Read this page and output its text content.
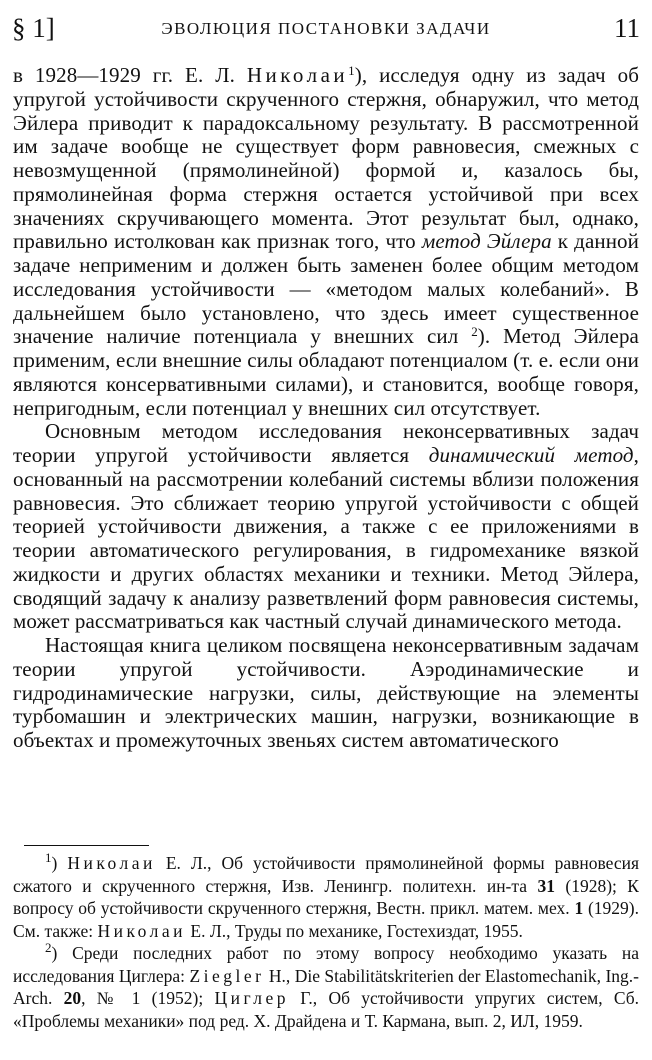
§ 1]	ЭВОЛЮЦИЯ ПОСТАНОВКИ ЗАДАЧИ	11

в 1928—1929 гг. Е. Л. Николаи$^1$), исследуя одну из задач об упругой устойчивости скрученного стержня, обнаружил, что метод Эйлера приводит к парадоксальному результату. В рассмотренной им задаче вообще не существует форм равновесия, смежных с невозмущенной (прямолинейной) формой и, казалось бы, прямолинейная форма стержня остается устойчивой при всех значениях скручивающего момента. Этот результат был, однако, правильно истолкован как признак того, что метод Эйлера к данной задаче неприменим и должен быть заменен более общим методом исследования устойчивости — «методом малых колебаний». В дальнейшем было установлено, что здесь имеет существенное значение наличие потенциала у внешних сил $^2$). Метод Эйлера применим, если внешние силы обладают потенциалом (т. е. если они являются консервативными силами), и становится, вообще говоря, непригодным, если потенциал у внешних сил отсутствует.

Основным методом исследования неконсервативных задач теории упругой устойчивости является динамический метод, основанный на рассмотрении колебаний системы вблизи положения равновесия. Это сближает теорию упругой устойчивости с общей теорией устойчивости движения, а также с ее приложениями в теории автоматического регулирования, в гидромеханике вязкой жидкости и других областях механики и техники. Метод Эйлера, сводящий задачу к анализу разветвлений форм равновесия системы, может рассматриваться как частный случай динамического метода.

Настоящая книга целиком посвящена неконсервативным задачам теории упругой устойчивости. Аэродинамические и гидродинамические нагрузки, силы, действующие на элементы турбомашин и электрических машин, нагрузки, возникающие в объектах и промежуточных звеньях систем автоматического

$^1$) Николаи Е. Л., Об устойчивости прямолинейной формы равновесия сжатого и скрученного стержня, Изв. Ленингр. политехн. ин-та 31 (1928); К вопросу об устойчивости скрученного стержня, Вестн. прикл. матем. мех. 1 (1929). См. также: Николаи Е. Л., Труды по механике, Гостехиздат, 1955.

$^2$) Среди последних работ по этому вопросу необходимо указать на исследования Циглера: Ziegler H., Die Stabilitätskriterien der Elastomechanik, Ing.-Arch. 20, № 1 (1952); Циглер Г., Об устойчивости упругих систем, Сб. «Проблемы механики» под ред. Х. Драйдена и Т. Кармана, вып. 2, ИЛ, 1959.
